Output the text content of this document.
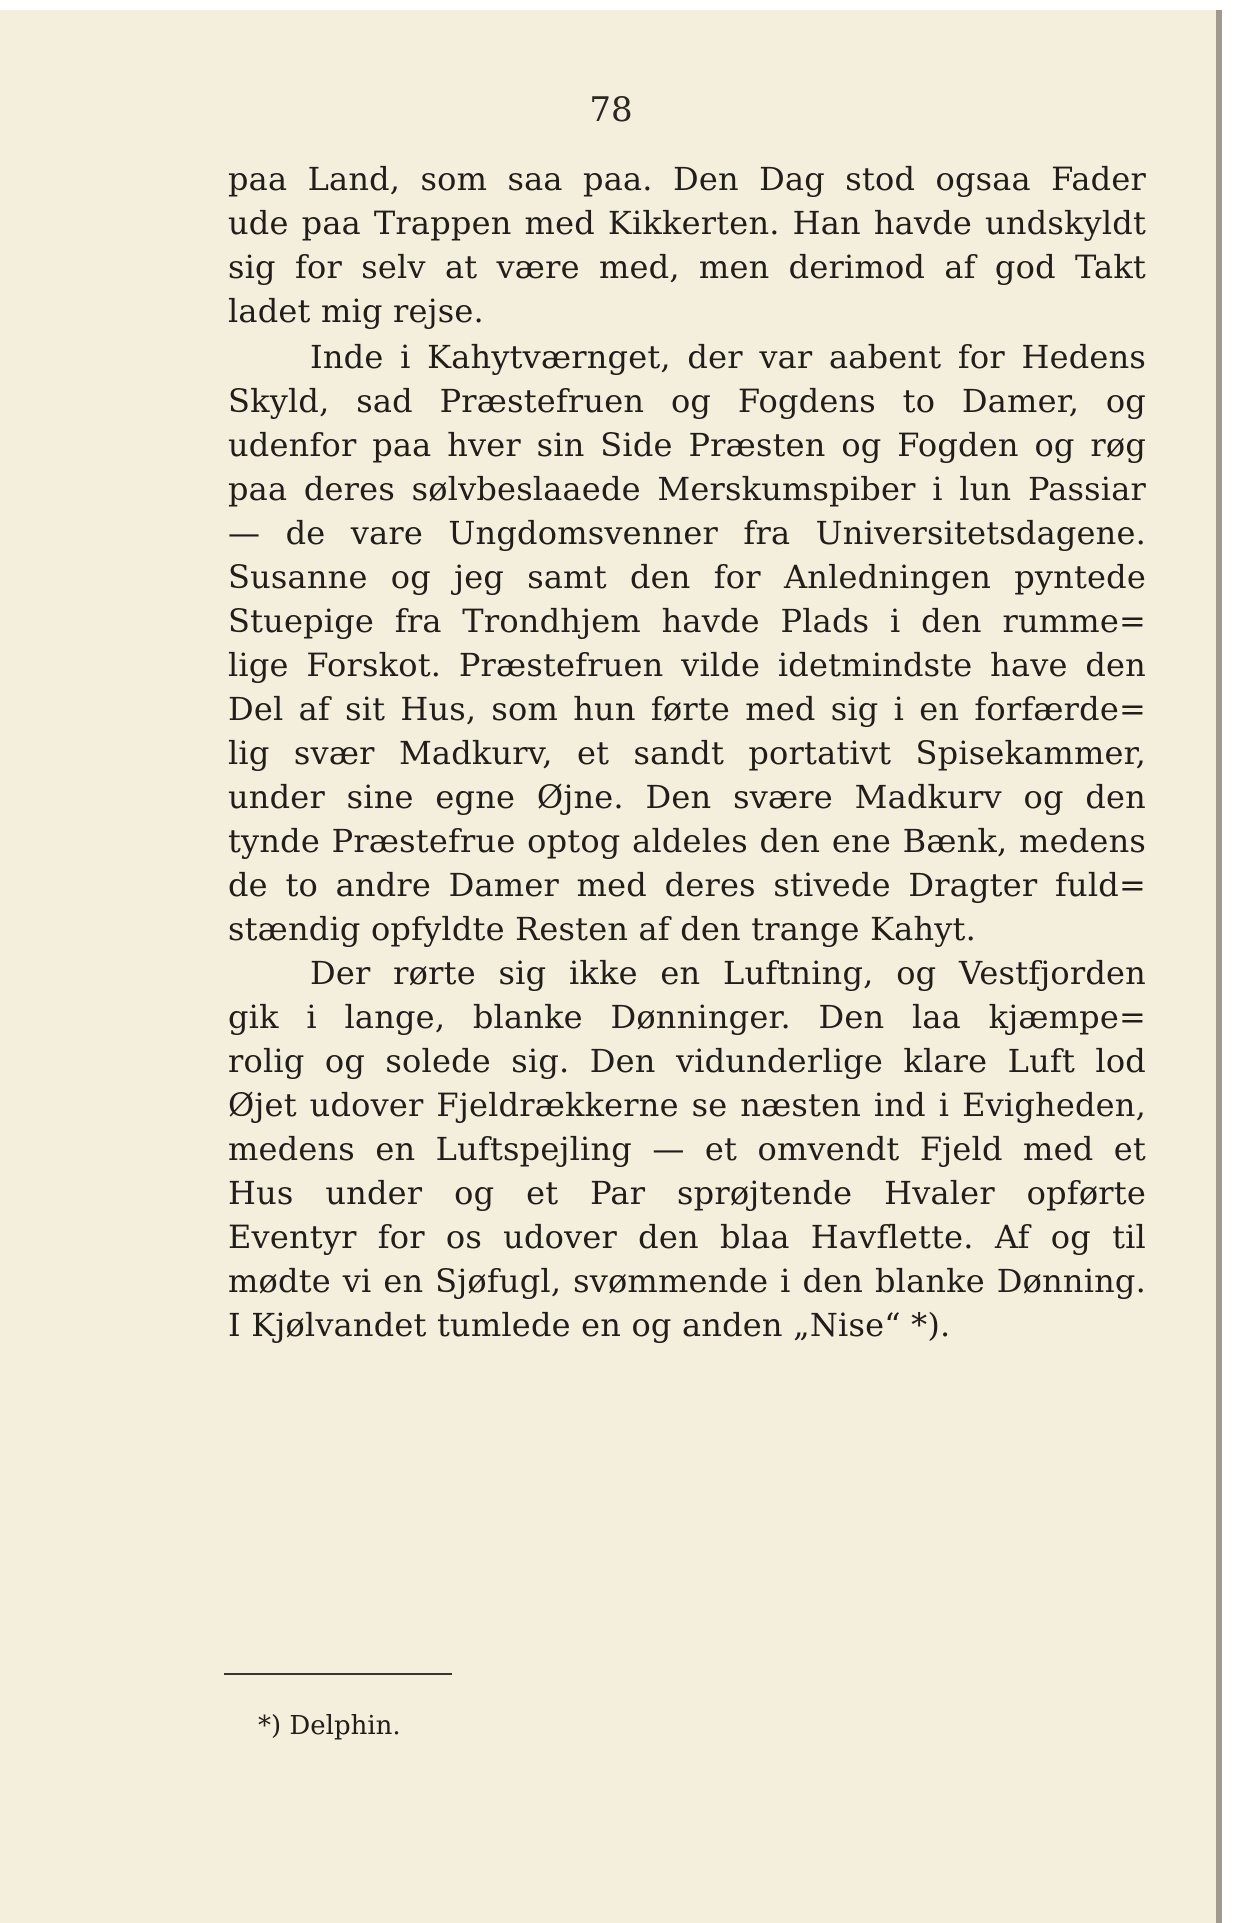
78
paa Land, som saa paa. Den Dag stod ogsaa Fader
ude paa Trappen med Kikkerten. Han havde undskyldt
sig for selv at være med, men derimod af god Takt
ladet mig rejse.
Inde i Kahytværnget, der var aabent for Hedens
Skyld, sad Præstefruen og Fogdens to Damer, og
udenfor paa hver sin Side Præsten og Fogden og røg
paa deres sølvbeslaaede Merskumspiber i lun Passiar
— de vare Ungdomsvenner fra Universitetsdagene.
Susanne og jeg samt den for Anledningen pyntede
Stuepige fra Trondhjem havde Plads i den rumme=
lige Forskot. Præstefruen vilde idetmindste have den
Del af sit Hus, som hun førte med sig i en forfærde=
lig svær Madkurv, et sandt portativt Spisekammer,
under sine egne Øjne. Den svære Madkurv og den
tynde Præstefrue optog aldeles den ene Bænk, medens
de to andre Damer med deres stivede Dragter fuld=
stændig opfyldte Resten af den trange Kahyt.
Der rørte sig ikke en Luftning, og Vestfjorden
gik i lange, blanke Dønninger. Den laa kjæmpe=
rolig og solede sig. Den vidunderlige klare Luft lod
Øjet udover Fjeldrækkerne se næsten ind i Evigheden,
medens en Luftspejling — et omvendt Fjeld med et
Hus under og et Par sprøjtende Hvaler opførte
Eventyr for os udover den blaa Havflette. Af og til
mødte vi en Sjøfugl, svømmende i den blanke Dønning.
I Kjølvandet tumlede en og anden „Nise“ *).
*) Delphin.
